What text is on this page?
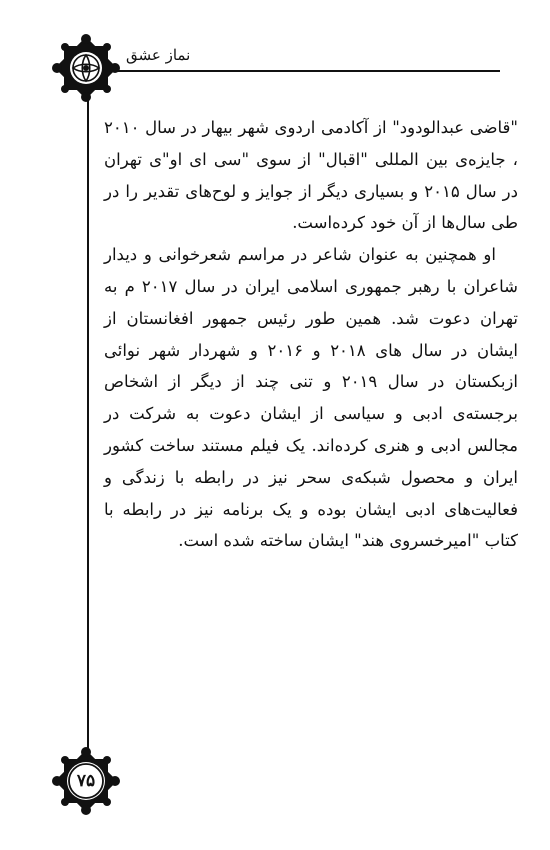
نماز عشق

"قاضی عبدالودود" از آکادمی اردوی شهر بیهار در سال ۲۰۱۰ ، جایزه‌ی بین المللی "اقبال" از سوی "سی ای او"ی تهران در سال ۲۰۱۵ و بسیاری دیگر از جوایز و لوح‌های تقدیر را در طی سال‌ها از آن خود کرده‌است.

او همچنین به عنوان شاعر در مراسم شعرخوانی و دیدار شاعران با رهبر جمهوری اسلامی ایران در سال ۲۰۱۷ م به تهران دعوت شد. همین طور رئیس جمهور افغانستان از ایشان در سال های ۲۰۱۸ و ۲۰۱۶ و شهردار شهر نوائی ازبکستان در سال ۲۰۱۹ و تنی چند از دیگر از اشخاص برجسته‌ی ادبی و سیاسی از ایشان دعوت به شرکت در مجالس ادبی و هنری کرده‌اند. یک فیلم مستند ساخت کشور ایران و محصول شبکه‌ی سحر نیز در رابطه با زندگی و فعالیت‌های ادبی ایشان بوده و یک برنامه نیز در رابطه با کتاب "امیرخسروی هند" ایشان ساخته شده است.

۷۵
